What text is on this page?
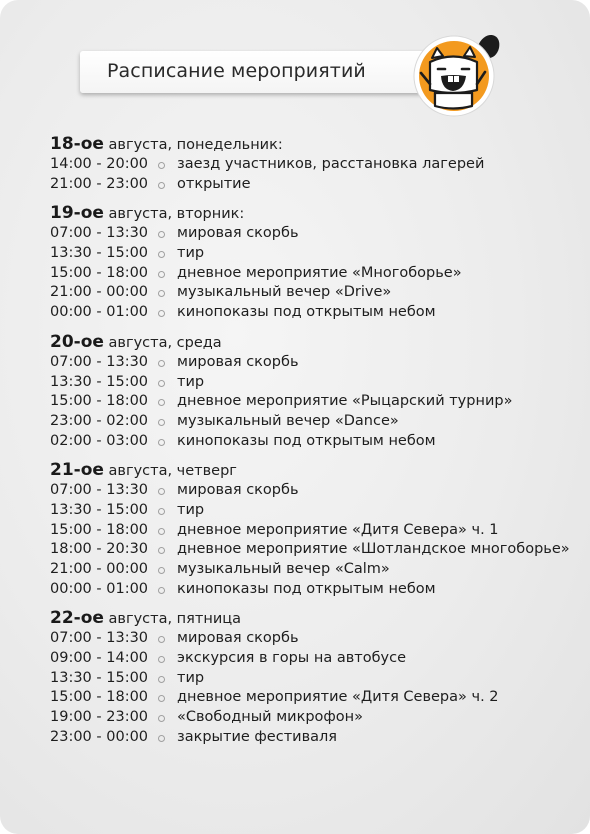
Расписание мероприятий
18-ое августа, понедельник:
14:00 - 20:00 заезд участников, расстановка лагерей
21:00 - 23:00 открытие
19-ое августа, вторник:
07:00 - 13:30 мировая скорбь
13:30 - 15:00 тир
15:00 - 18:00 дневное мероприятие «Многоборье»
21:00 - 00:00 музыкальный вечер «Drive»
00:00 - 01:00 кинопоказы под открытым небом
20-ое августа, среда
07:00 - 13:30 мировая скорбь
13:30 - 15:00 тир
15:00 - 18:00 дневное мероприятие «Рыцарский турнир»
23:00 - 02:00 музыкальный вечер «Dance»
02:00 - 03:00 кинопоказы под открытым небом
21-ое августа, четверг
07:00 - 13:30 мировая скорбь
13:30 - 15:00 тир
15:00 - 18:00 дневное мероприятие «Дитя Севера» ч. 1
18:00 - 20:30 дневное мероприятие «Шотландское многоборье»
21:00 - 00:00 музыкальный вечер «Calm»
00:00 - 01:00 кинопоказы под открытым небом
22-ое августа, пятница
07:00 - 13:30 мировая скорбь
09:00 - 14:00 экскурсия в горы на автобусе
13:30 - 15:00 тир
15:00 - 18:00 дневное мероприятие «Дитя Севера» ч. 2
19:00 - 23:00 «Свободный микрофон»
23:00 - 00:00 закрытие фестиваля
